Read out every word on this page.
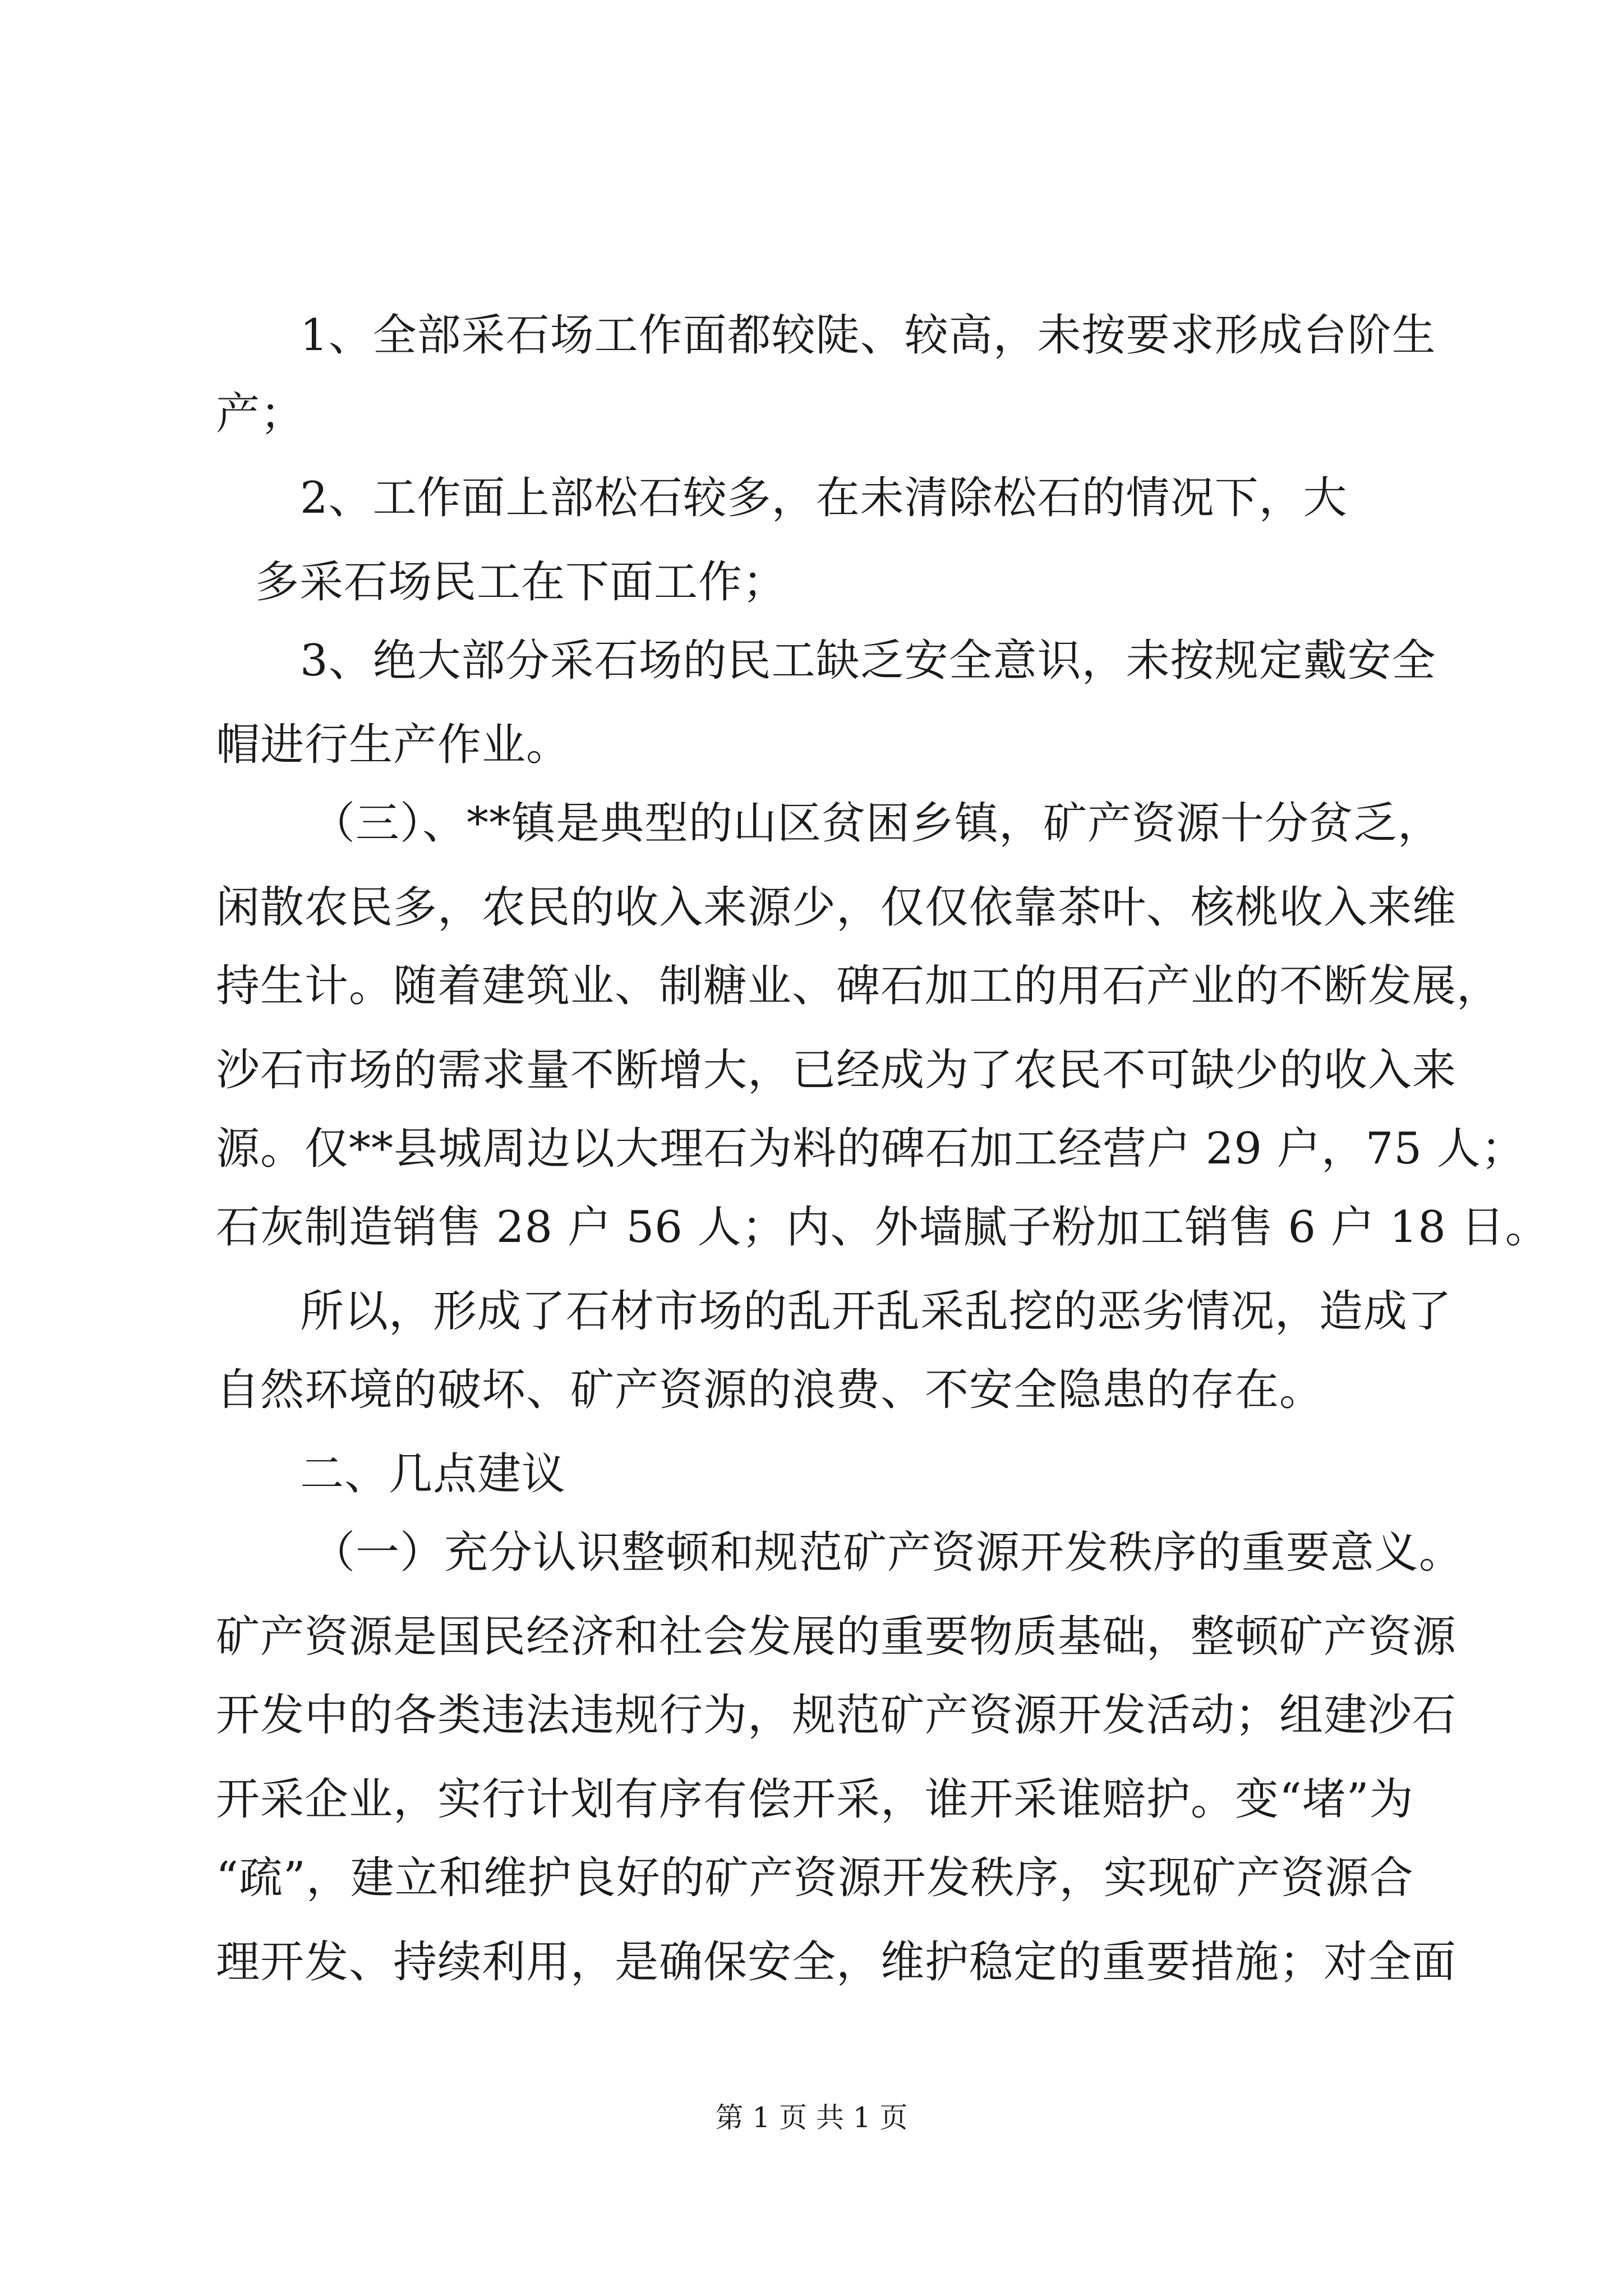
1、全部采石场工作面都较陡、较高，未按要求形成台阶生
产；
2、工作面上部松石较多，在未清除松石的情况下，大
多采石场民工在下面工作；
3、绝大部分采石场的民工缺乏安全意识，未按规定戴安全
帽进行生产作业。
（三）、**镇是典型的山区贫困乡镇，矿产资源十分贫乏，
闲散农民多，农民的收入来源少，仅仅依靠茶叶、核桃收入来维
持生计。随着建筑业、制糖业、碑石加工的用石产业的不断发展，
沙石市场的需求量不断增大，已经成为了农民不可缺少的收入来
源。仅**县城周边以大理石为料的碑石加工经营户 29 户，75 人；
石灰制造销售 28 户 56 人；内、外墙腻子粉加工销售 6 户 18 日。
所以，形成了石材市场的乱开乱采乱挖的恶劣情况，造成了
自然环境的破坏、矿产资源的浪费、不安全隐患的存在。
二、几点建议
（一）充分认识整顿和规范矿产资源开发秩序的重要意义。
矿产资源是国民经济和社会发展的重要物质基础，整顿矿产资源
开发中的各类违法违规行为，规范矿产资源开发活动；组建沙石
开采企业，实行计划有序有偿开采，谁开采谁赔护。变“堵”为
“疏”，建立和维护良好的矿产资源开发秩序，实现矿产资源合
理开发、持续利用，是确保安全，维护稳定的重要措施；对全面
第 1 页 共 1 页
